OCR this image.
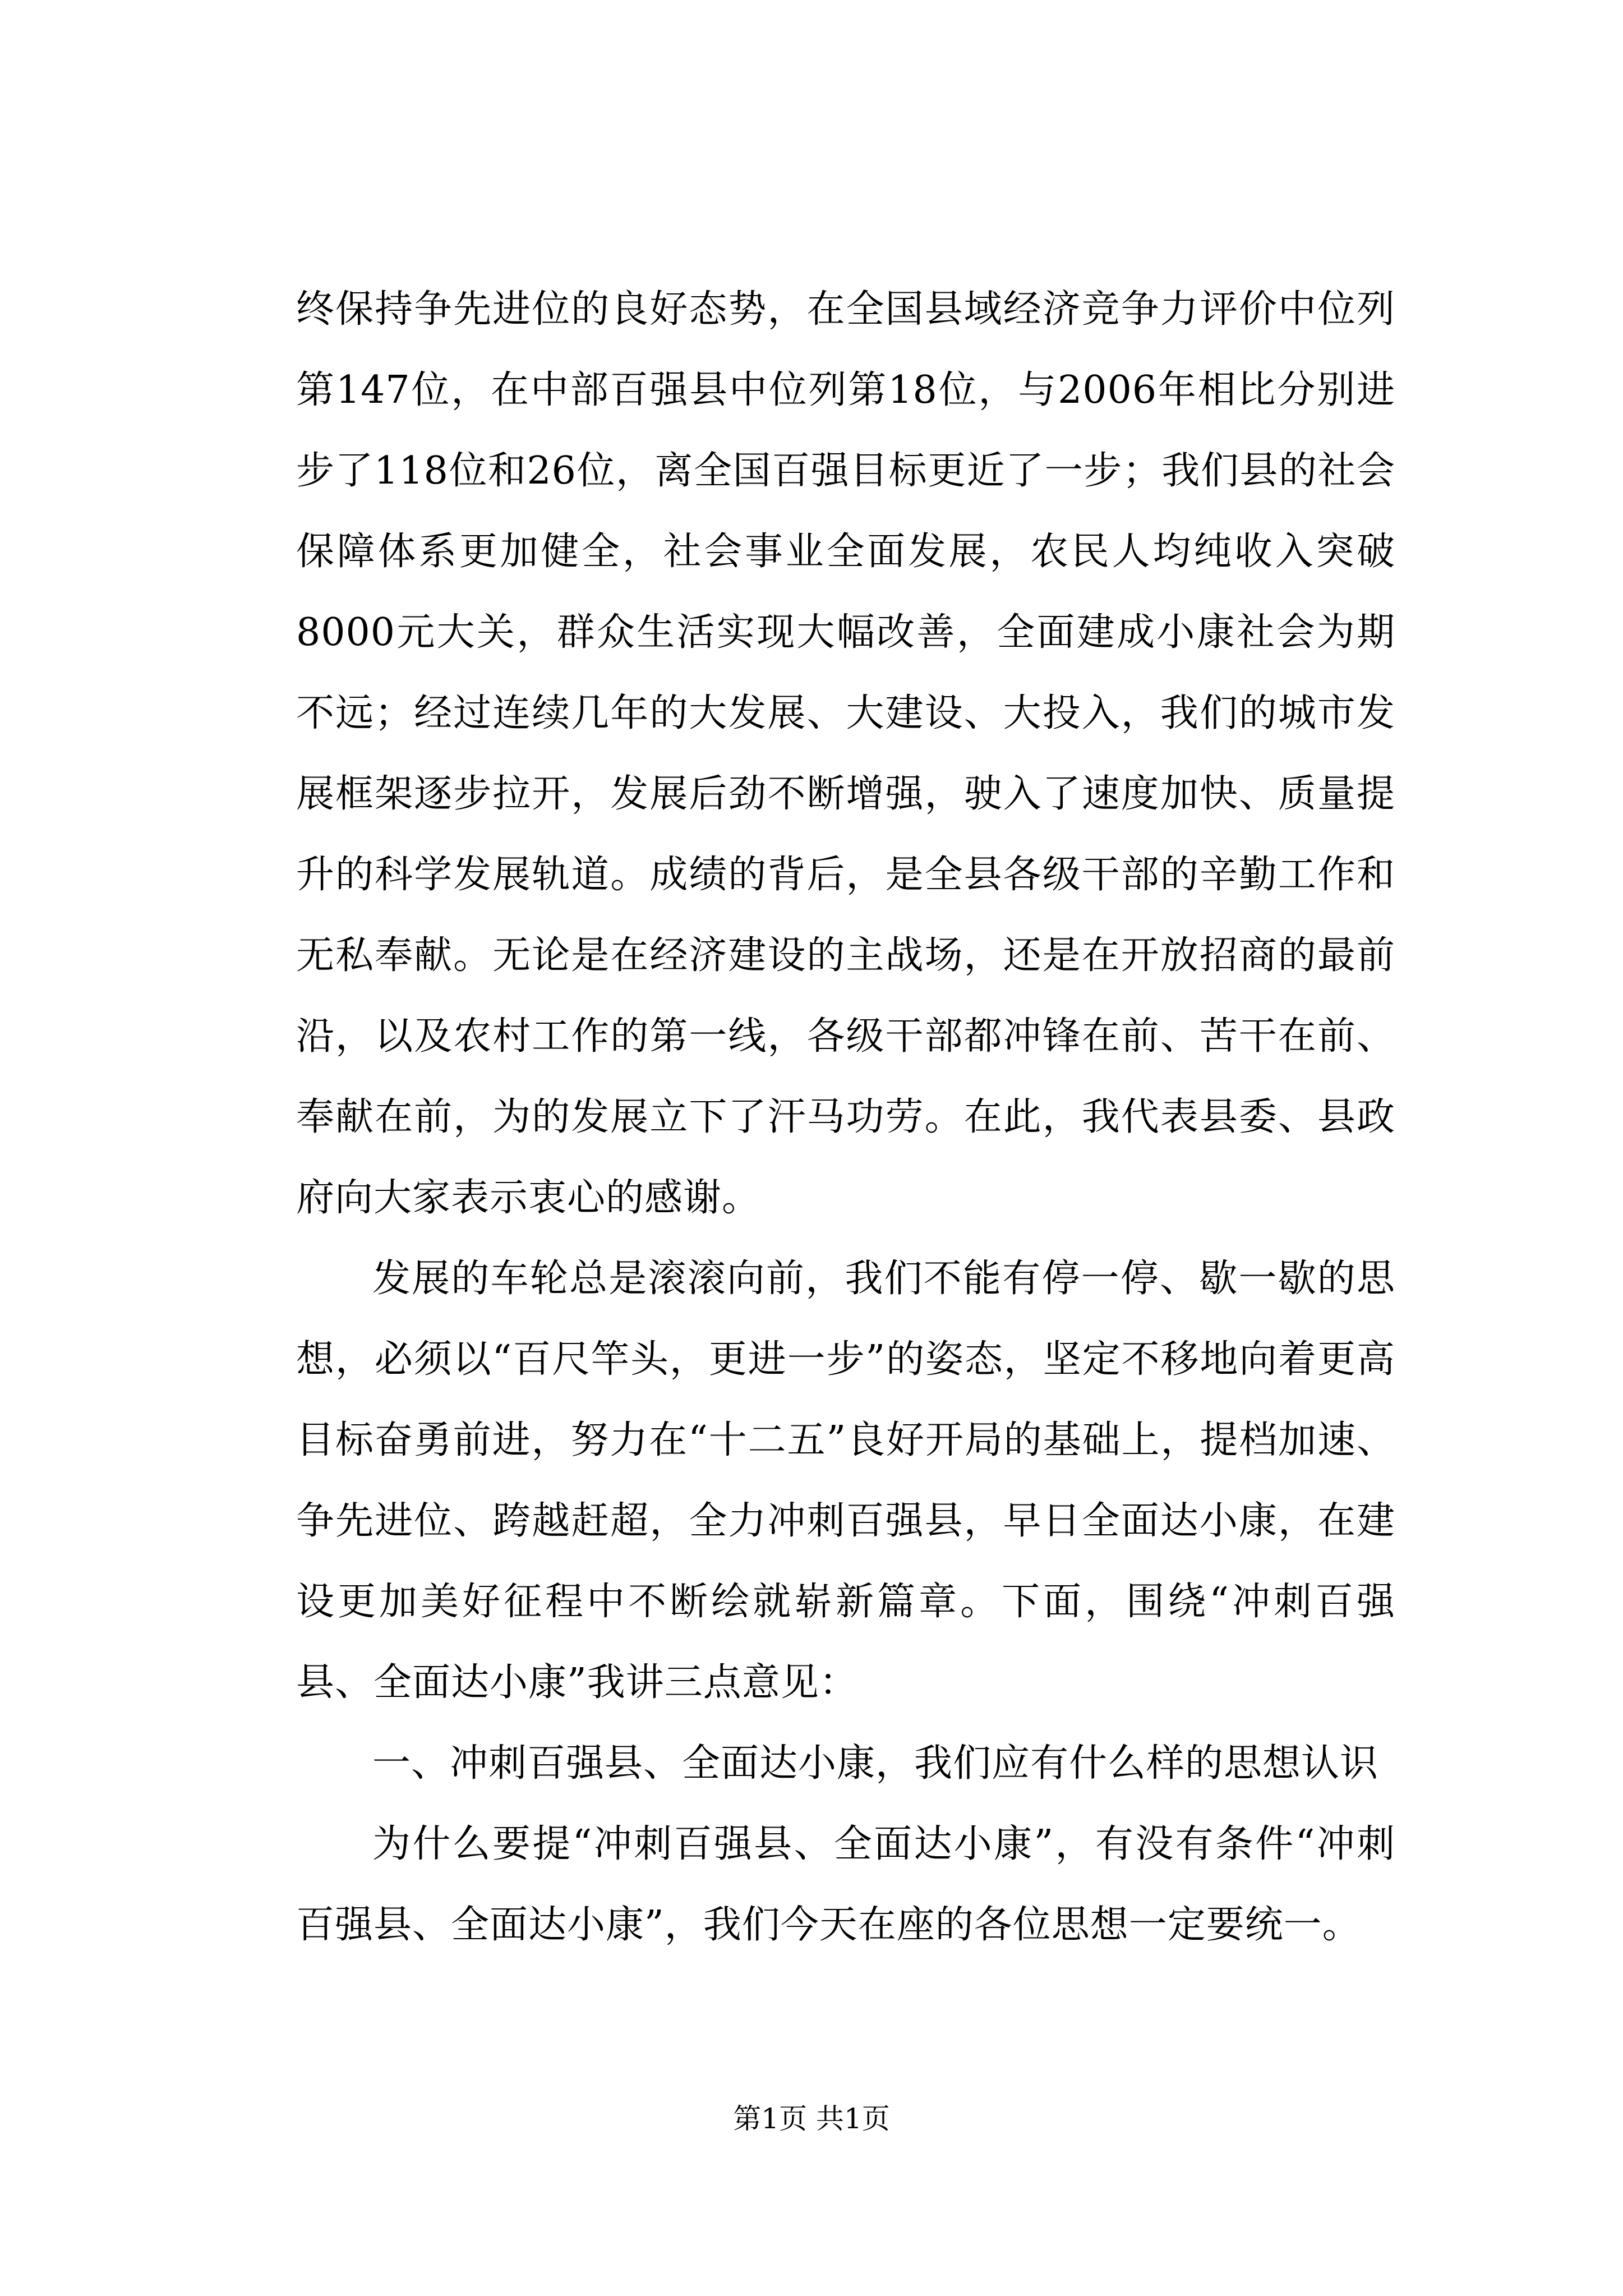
终保持争先进位的良好态势，在全国县域经济竞争力评价中位列第147位，在中部百强县中位列第18位，与2006年相比分别进步了118位和26位，离全国百强目标更近了一步；我们县的社会保障体系更加健全，社会事业全面发展，农民人均纯收入突破8000元大关，群众生活实现大幅改善，全面建成小康社会为期不远；经过连续几年的大发展、大建设、大投入，我们的城市发展框架逐步拉开，发展后劲不断增强，驶入了速度加快、质量提升的科学发展轨道。成绩的背后，是全县各级干部的辛勤工作和无私奉献。无论是在经济建设的主战场，还是在开放招商的最前沿，以及农村工作的第一线，各级干部都冲锋在前、苦干在前、奉献在前，为的发展立下了汗马功劳。在此，我代表县委、县政府向大家表示衷心的感谢。

发展的车轮总是滚滚向前，我们不能有停一停、歇一歇的思想，必须以“百尺竿头，更进一步”的姿态，坚定不移地向着更高目标奋勇前进，努力在“十二五”良好开局的基础上，提档加速、争先进位、跨越赶超，全力冲刺百强县，早日全面达小康，在建设更加美好征程中不断绘就崭新篇章。下面，围绕“冲刺百强县、全面达小康”我讲三点意见：

一、冲刺百强县、全面达小康，我们应有什么样的思想认识

为什么要提“冲刺百强县、全面达小康”，有没有条件“冲刺百强县、全面达小康”，我们今天在座的各位思想一定要统一。

第1页 共1页
